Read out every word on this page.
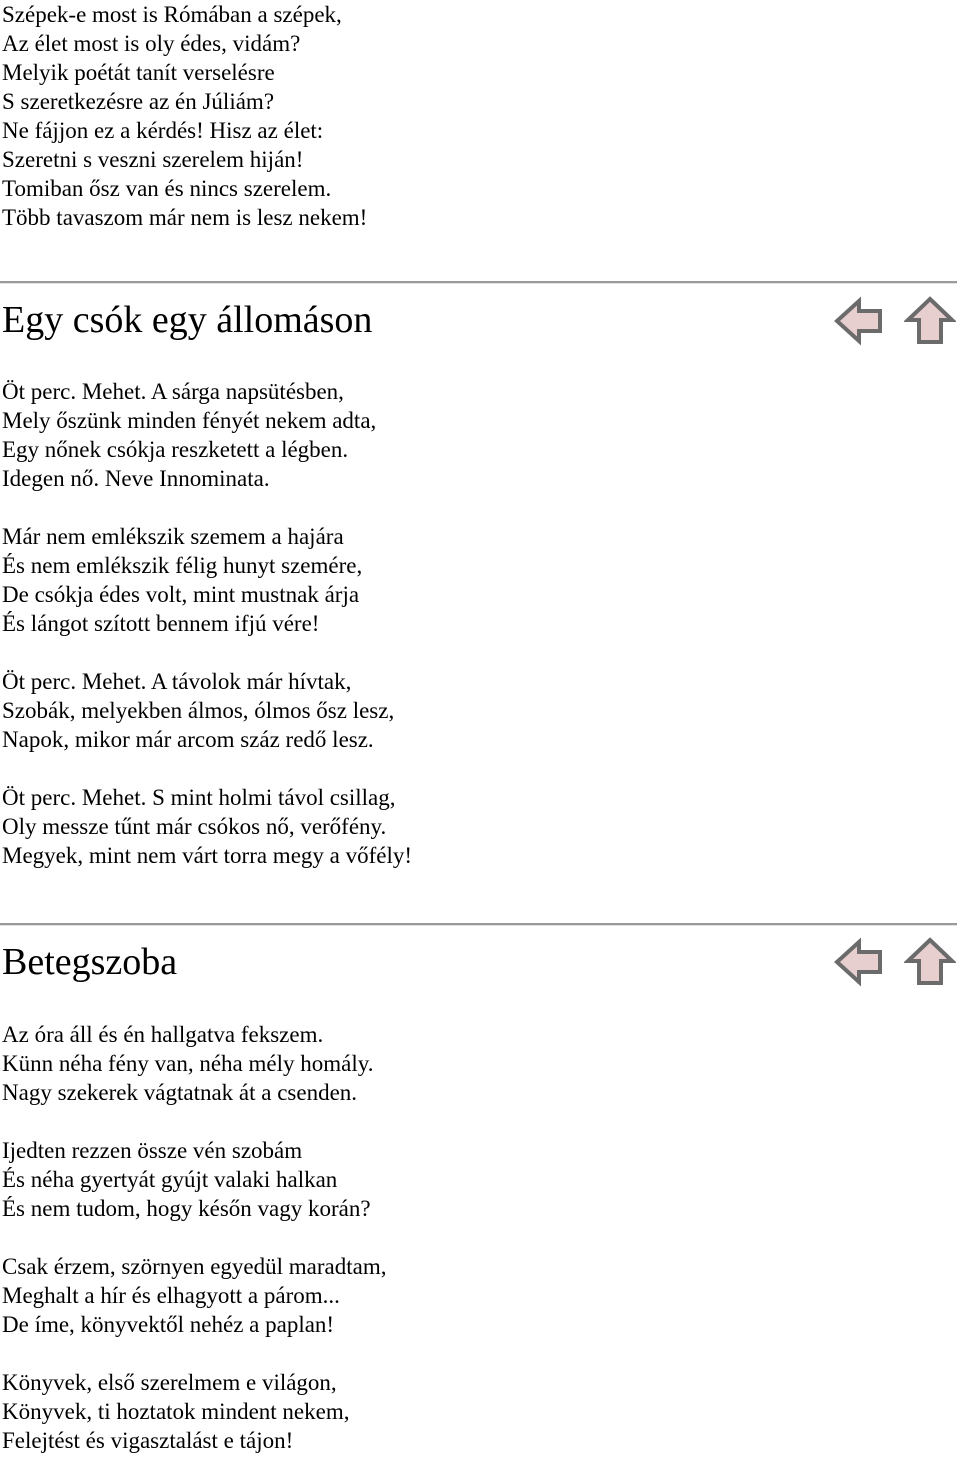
Szépek-e most is Rómában a szépek,
Az élet most is oly édes, vidám?
Melyik poétát tanít verselésre
S szeretkezésre az én Júliám?
Ne fájjon ez a kérdés! Hisz az élet:
Szeretni s veszni szerelem hiján!
Tomiban ősz van és nincs szerelem.
Több tavaszom már nem is lesz nekem!
Egy csók egy állomáson
Öt perc. Mehet. A sárga napsütésben,
Mely őszünk minden fényét nekem adta,
Egy nőnek csókja reszketett a légben.
Idegen nő. Neve Innominata.
Már nem emlékszik szemem a hajára
És nem emlékszik félig hunyt szemére,
De csókja édes volt, mint mustnak árja
És lángot szított bennem ifjú vére!
Öt perc. Mehet. A távolok már hívtak,
Szobák, melyekben álmos, ólmos ősz lesz,
Napok, mikor már arcom száz redő lesz.
Öt perc. Mehet. S mint holmi távol csillag,
Oly messze tűnt már csókos nő, verőfény.
Megyek, mint nem várt torra megy a vőfély!
Betegszoba
Az óra áll és én hallgatva fekszem.
Künn néha fény van, néha mély homály.
Nagy szekerek vágtatnak át a csenden.
Ijedten rezzen össze vén szobám
És néha gyertyát gyújt valaki halkan
És nem tudom, hogy későn vagy korán?
Csak érzem, szörnyen egyedül maradtam,
Meghalt a hír és elhagyott a párom...
De íme, könyvektől nehéz a paplan!
Könyvek, első szerelmem e világon,
Könyvek, ti hoztatok mindent nekem,
Felejtést és vigasztalást e tájon!
